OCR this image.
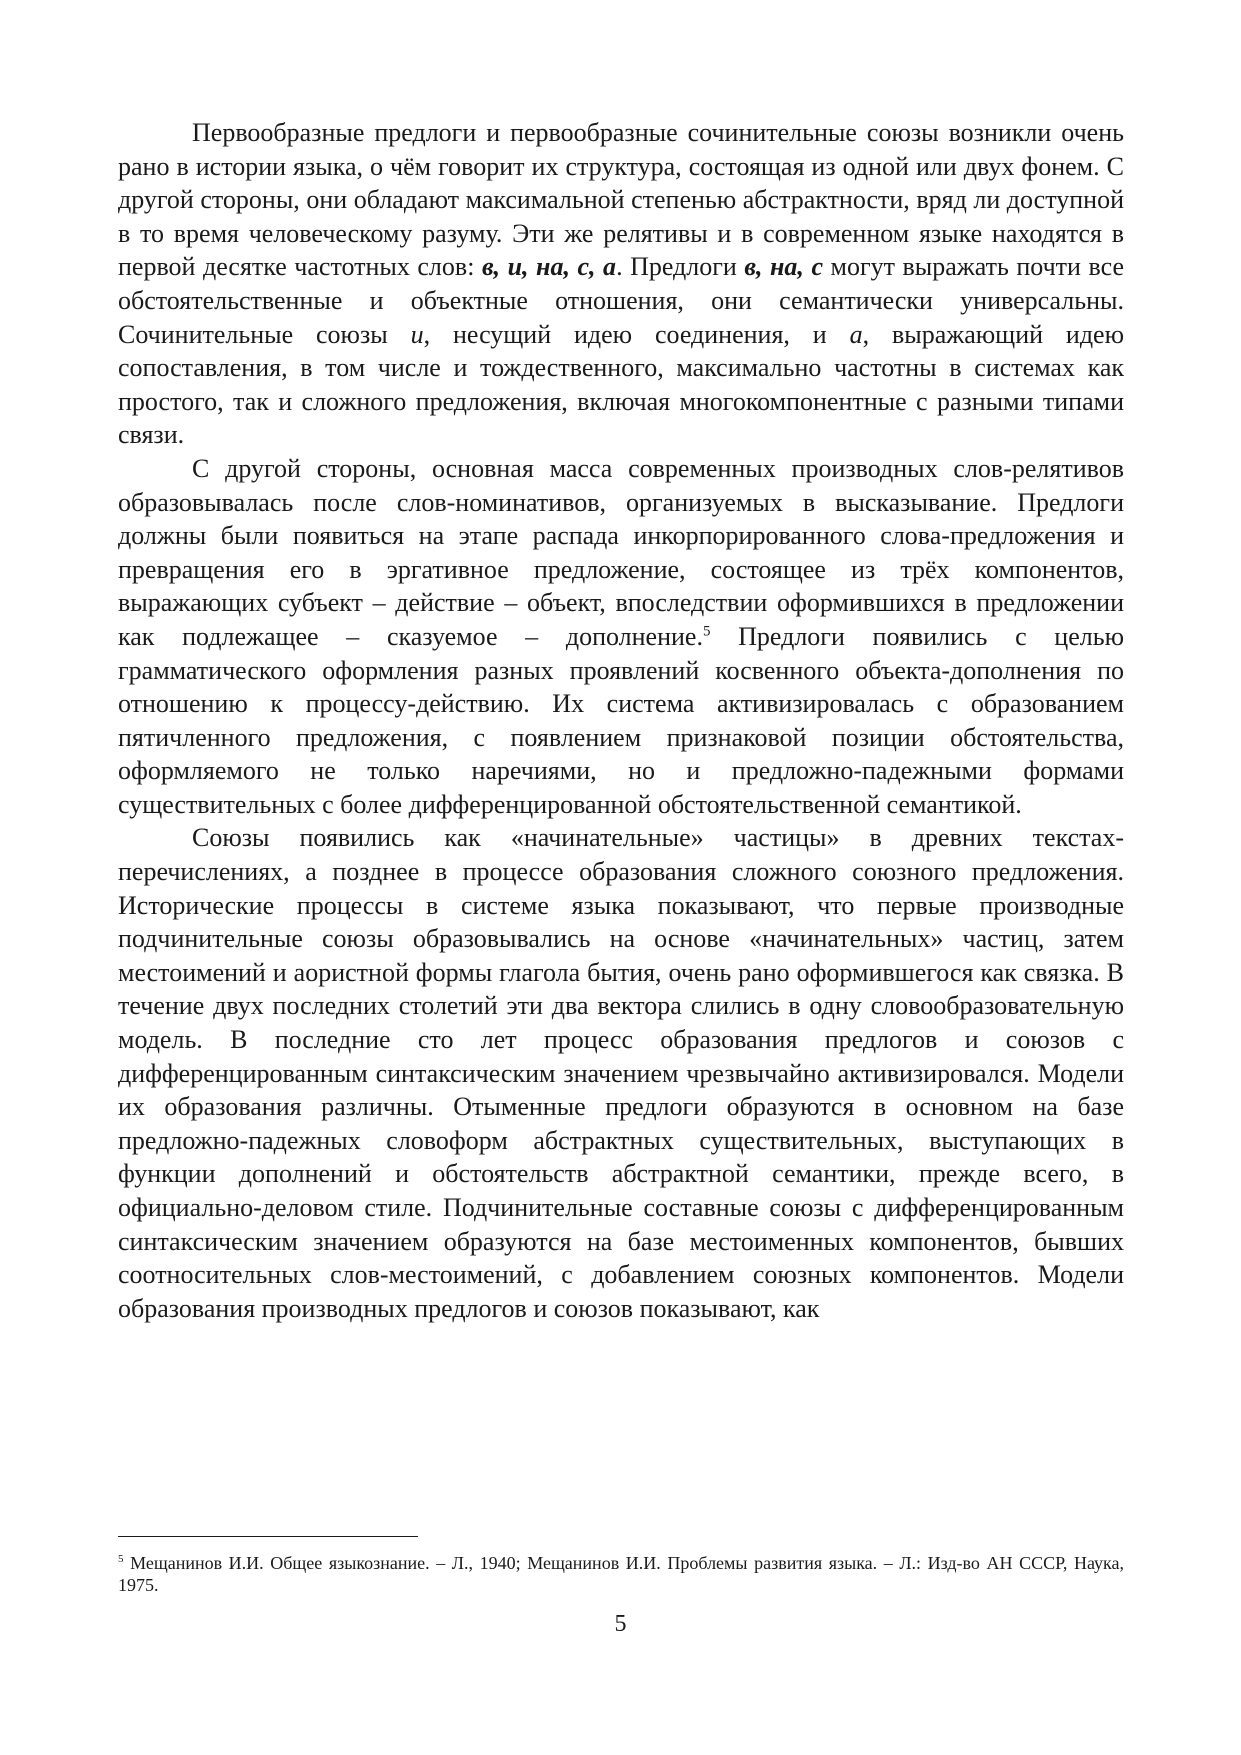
Первообразные предлоги и первообразные сочинительные союзы возникли очень рано в истории языка, о чём говорит их структура, состоящая из одной или двух фонем. С другой стороны, они обладают максимальной степенью абстрактности, вряд ли доступной в то время человеческому разуму. Эти же релятивы и в современном языке находятся в первой десятке частотных слов: в, и, на, с, а. Предлоги в, на, с могут выражать почти все обстоятельственные и объектные отношения, они семантически универсальны. Сочинительные союзы и, несущий идею соединения, и а, выражающий идею сопоставления, в том числе и тождественного, максимально частотны в системах как простого, так и сложного предложения, включая многокомпонентные с разными типами связи.

С другой стороны, основная масса современных производных слов-релятивов образовывалась после слов-номинативов, организуемых в высказывание. Предлоги должны были появиться на этапе распада инкорпорированного слова-предложения и превращения его в эргативное предложение, состоящее из трёх компонентов, выражающих субъект – действие – объект, впоследствии оформившихся в предложении как подлежащее – сказуемое – дополнение.$^5$ Предлоги появились с целью грамматического оформления разных проявлений косвенного объекта-дополнения по отношению к процессу-действию. Их система активизировалась с образованием пятичленного предложения, с появлением признаковой позиции обстоятельства, оформляемого не только наречиями, но и предложно-падежными формами существительных с более дифференцированной обстоятельственной семантикой.

Союзы появились как «начинательные» частицы» в древних текстах-перечислениях, а позднее в процессе образования сложного союзного предложения. Исторические процессы в системе языка показывают, что первые производные подчинительные союзы образовывались на основе «начинательных» частиц, затем местоимений и аористной формы глагола бытия, очень рано оформившегося как связка. В течение двух последних столетий эти два вектора слились в одну словообразовательную модель. В последние сто лет процесс образования предлогов и союзов с дифференцированным синтаксическим значением чрезвычайно активизировался. Модели их образования различны. Отыменные предлоги образуются в основном на базе предложно-падежных словоформ абстрактных существительных, выступающих в функции дополнений и обстоятельств абстрактной семантики, прежде всего, в официально-деловом стиле. Подчинительные составные союзы с дифференцированным синтаксическим значением образуются на базе местоименных компонентов, бывших соотносительных слов-местоимений, с добавлением союзных компонентов. Модели образования производных предлогов и союзов показывают, как

$^5$ Мещанинов И.И. Общее языкознание. – Л., 1940; Мещанинов И.И. Проблемы развития языка. – Л.: Изд-во АН СССР, Наука, 1975.
5
